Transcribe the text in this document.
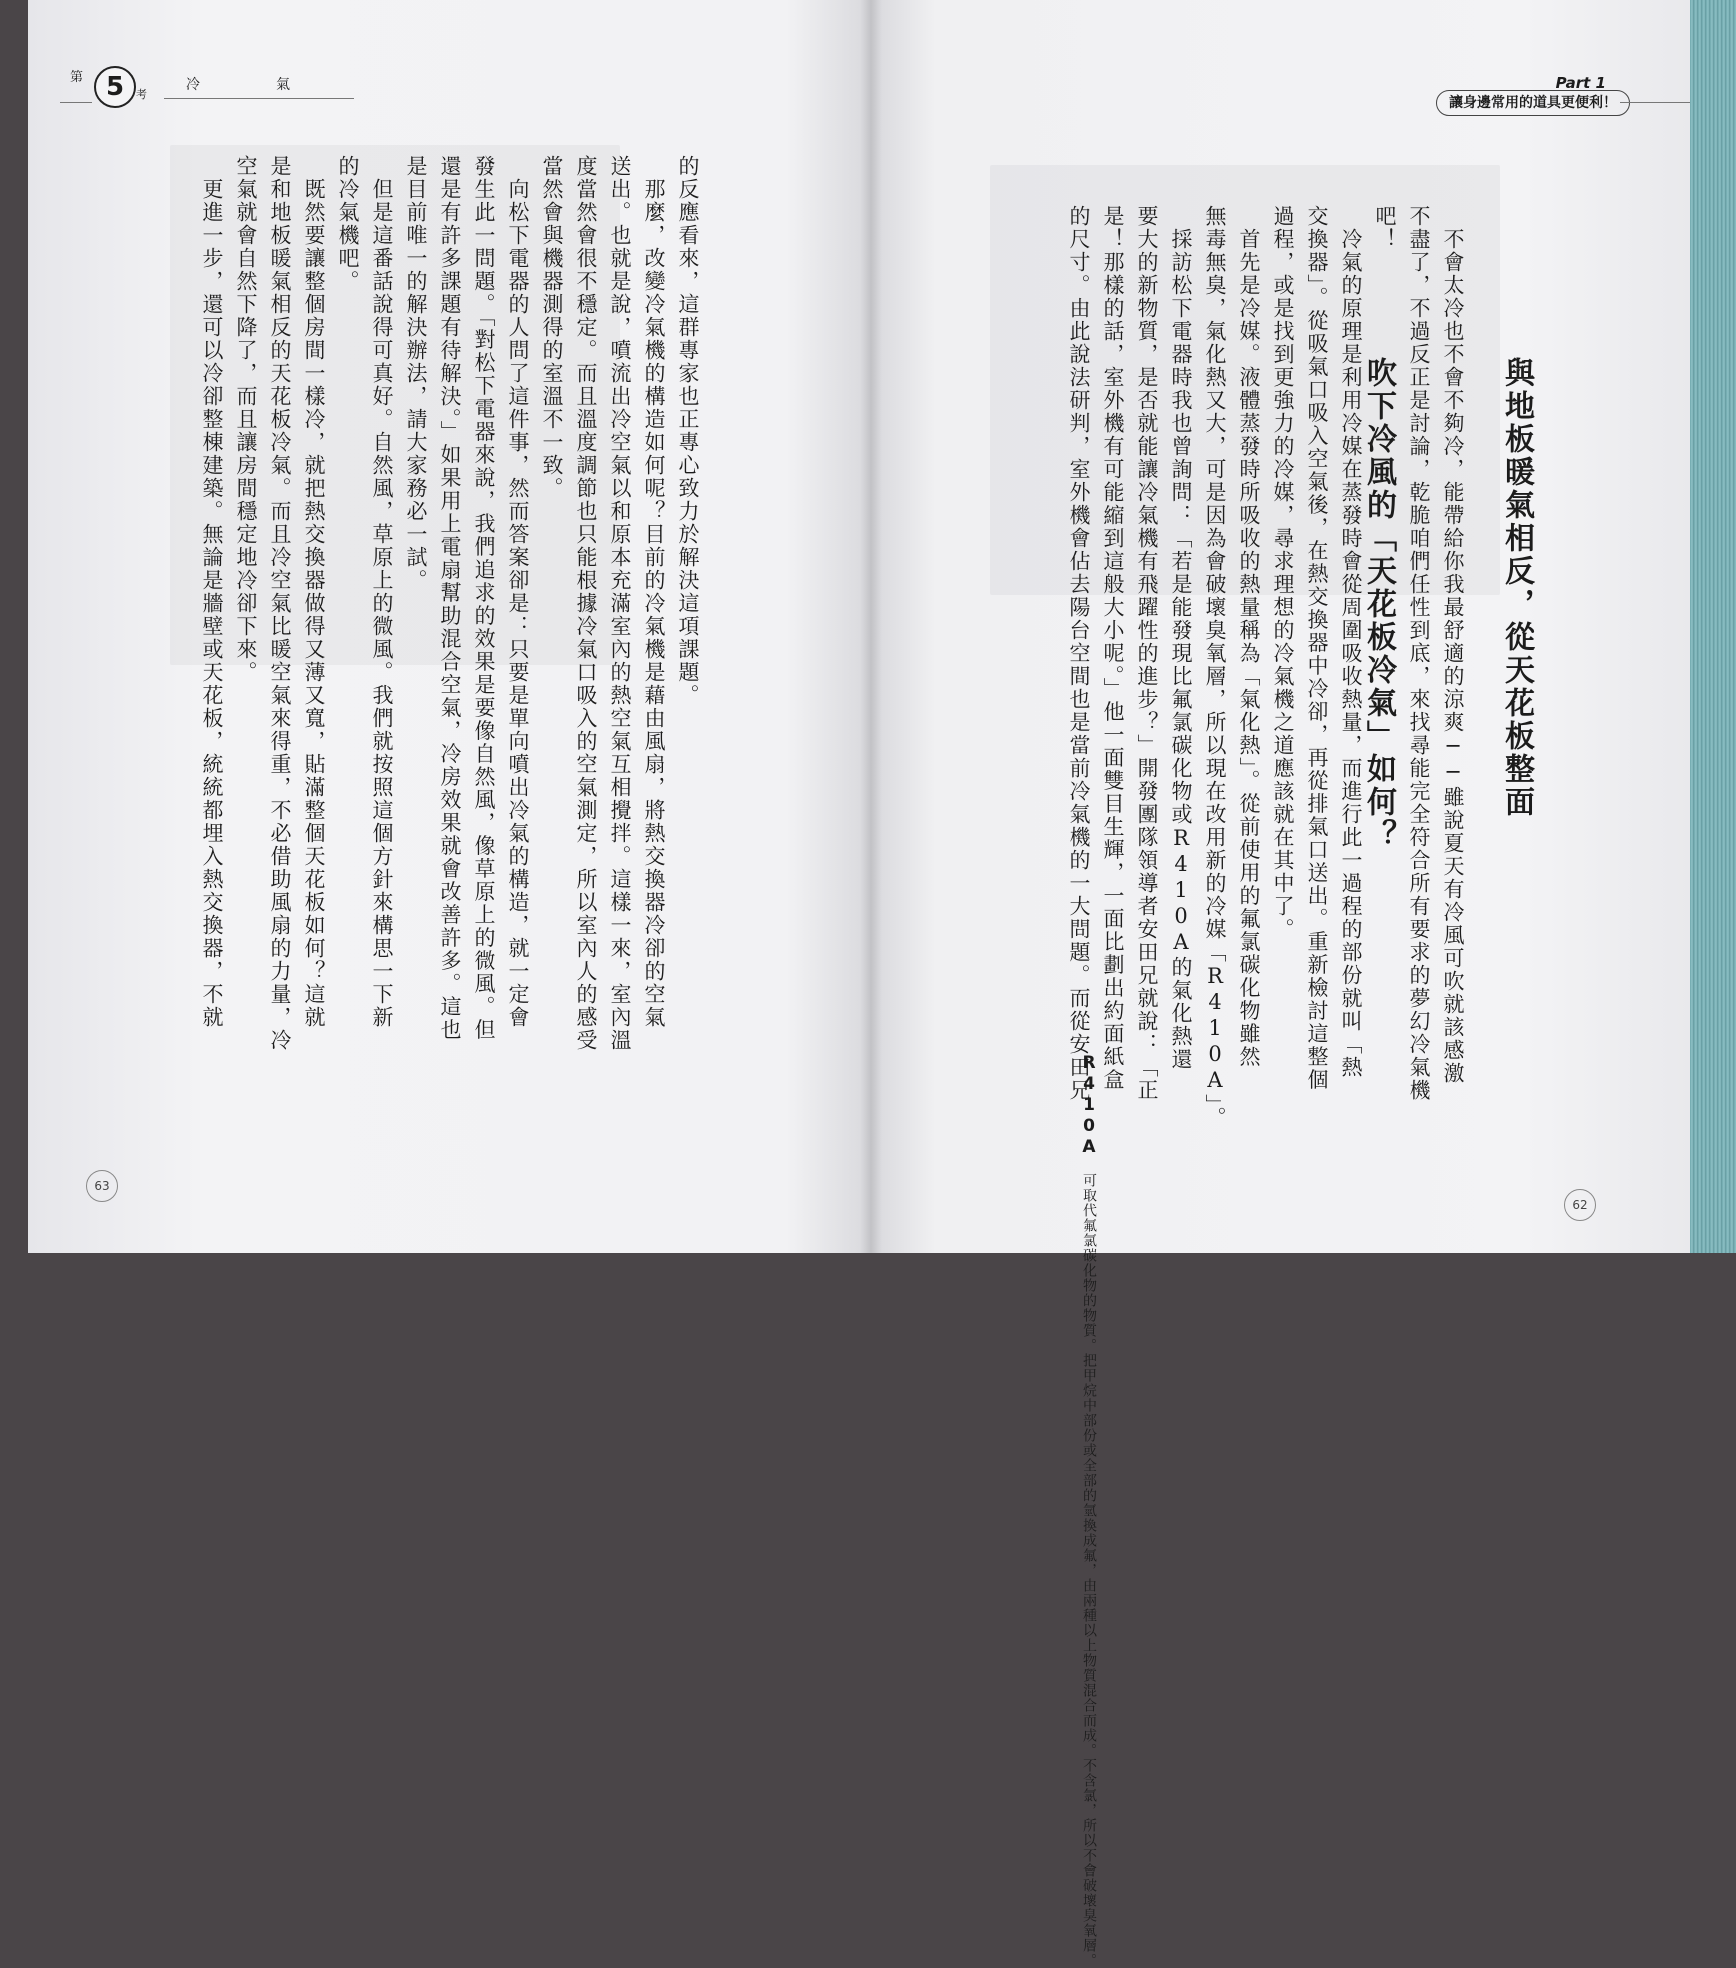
第 5	考
冷	氣	Part 1
讓身邊常用的道具更便利！
的反應看來，這群專家也正專心致力於解決這項課題。
　那麼，改變冷氣機的構造如何呢？目前的冷氣機是藉由風扇，將熱交換器冷卻的空氣
送出。也就是說，噴流出冷空氣以和原本充滿室內的熱空氣互相攪拌。這樣一來，室內溫
度當然會很不穩定。而且溫度調節也只能根據冷氣口吸入的空氣測定，所以室內人的感受
當然會與機器測得的室溫不一致。
　向松下電器的人問了這件事，然而答案卻是：只要是單向噴出冷氣的構造，就一定會
發生此一問題。「對松下電器來說，我們追求的效果是要像自然風，像草原上的微風。但
還是有許多課題有待解決。」如果用上電扇幫助混合空氣，冷房效果就會改善許多。這也
是目前唯一的解決辦法，請大家務必一試。
　但是這番話說得可真好。自然風，草原上的微風。我們就按照這個方針來構思一下新
的冷氣機吧。
　既然要讓整個房間一樣冷，就把熱交換器做得又薄又寬，貼滿整個天花板如何？這就
是和地板暖氣相反的天花板冷氣。而且冷空氣比暖空氣來得重，不必借助風扇的力量，冷
空氣就會自然下降了，而且讓房間穩定地冷卻下來。
　更進一步，還可以冷卻整棟建築。無論是牆壁或天花板，統統都埋入熱交換器，不就	與地板暖氣相反，從天花板整面

吹下冷風的「天花板冷氣」如何？
	　不會太冷也不會不夠冷，能帶給你我最舒適的涼爽──雖說夏天有冷風可吹就該感激
不盡了，不過反正是討論，乾脆咱們任性到底，來找尋能完全符合所有要求的夢幻冷氣機
吧！
　冷氣的原理是利用冷媒在蒸發時會從周圍吸收熱量，而進行此一過程的部份就叫「熱
交換器」。從吸氣口吸入空氣後，在熱交換器中冷卻，再從排氣口送出。重新檢討這整個
過程，或是找到更強力的冷媒，尋求理想的冷氣機之道應該就在其中了。
　首先是冷媒。液體蒸發時所吸收的熱量稱為「氣化熱」。從前使用的氟氯碳化物雖然
無毒無臭，氣化熱又大，可是因為會破壞臭氧層，所以現在改用新的冷媒「R410A」。
　採訪松下電器時我也曾詢問：「若是能發現比氟氯碳化物或R410A的氣化熱還
要大的新物質，是否就能讓冷氣機有飛躍性的進步？」開發團隊領導者安田兄就說：「正
是！那樣的話，室外機有可能縮到這般大小呢。」他一面雙目生輝，一面比劃出約面紙盒
的尺寸。由此說法研判，室外機會佔去陽台空間也是當前冷氣機的一大問題。而從安田兄

R410A　可取代氟氯碳化物的物質。把甲烷中部份或全部的氫換成氟，由兩種以上物質混合而成。不含氯，所以不會破壞臭氧層。

63
62
